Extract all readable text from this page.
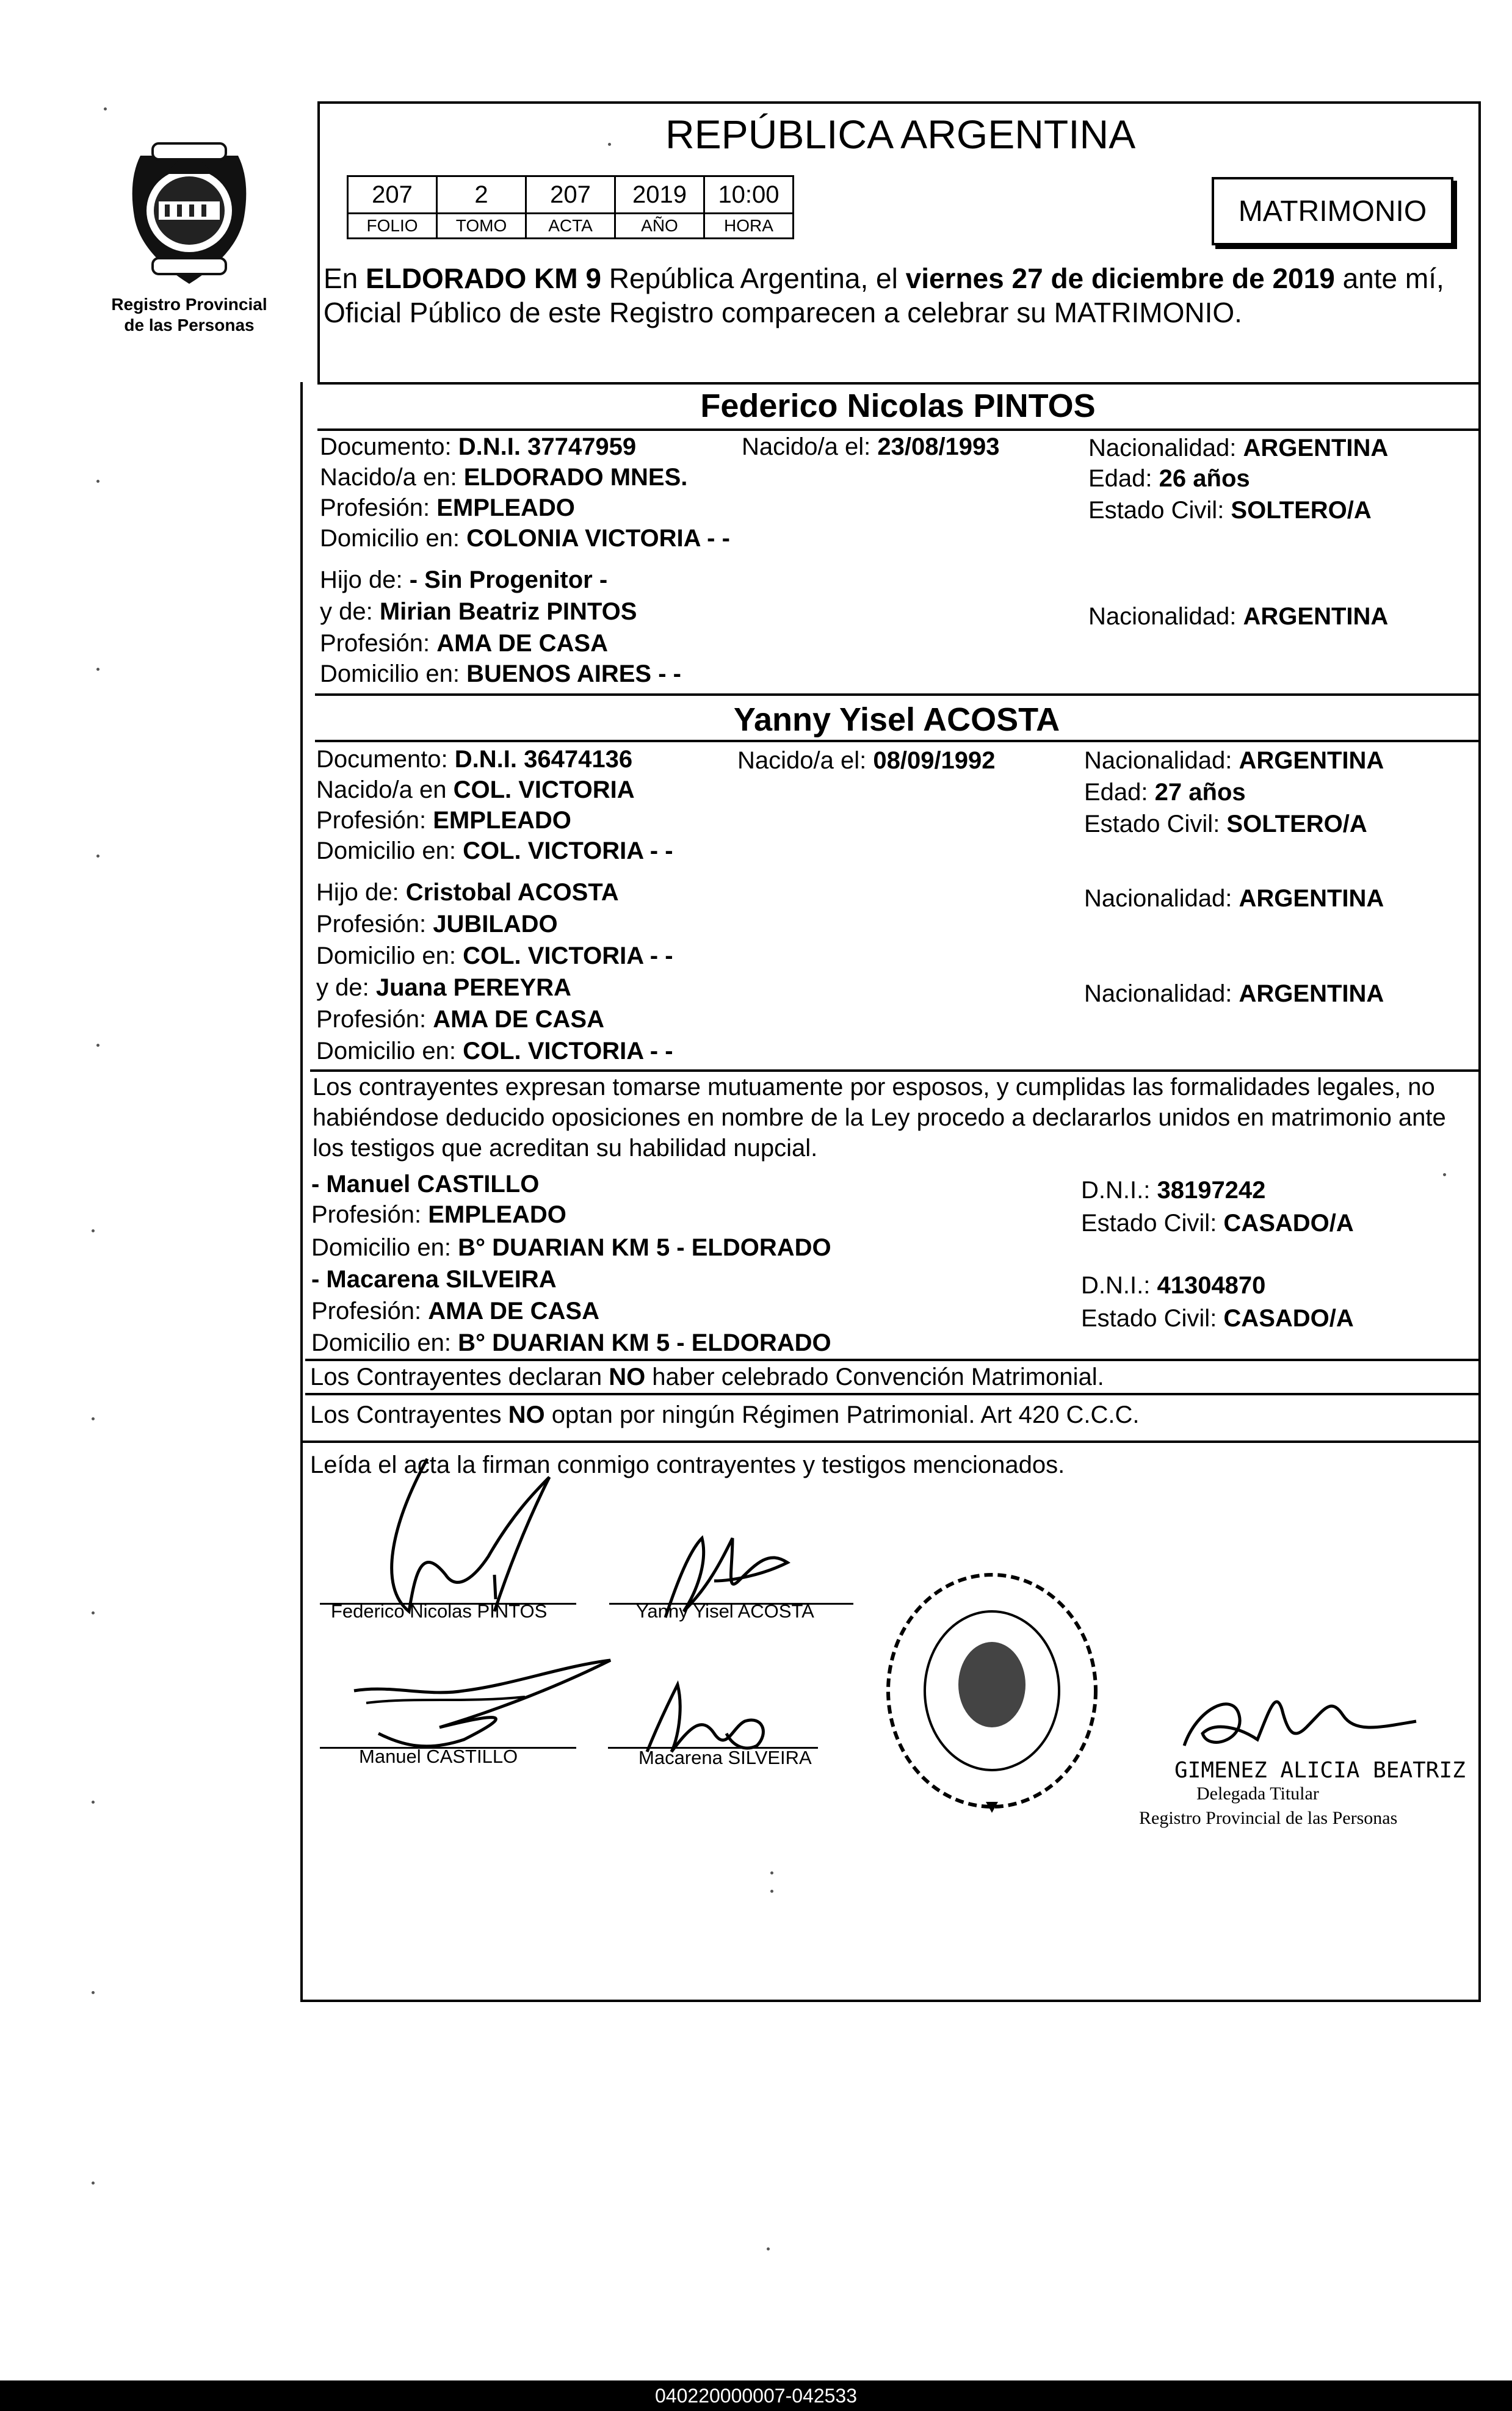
Registro Provincial
de las Personas
REPÚBLICA ARGENTINA
207	2	207	2019	10:00
FOLIO	TOMO	ACTA	AÑO	HORA	MATRIMONIO
En ELDORADO KM 9 República Argentina, el viernes 27 de diciembre de 2019 ante mí,
Oficial Público de este Registro comparecen a celebrar su MATRIMONIO.
Federico Nicolas PINTOS
Documento: D.N.I. 37747959	Nacido/a el: 23/08/1993	Nacionalidad: ARGENTINA
Nacido/a en: ELDORADO MNES.	Edad: 26 años
Profesión: EMPLEADO	Estado Civil: SOLTERO/A
Domicilio en: COLONIA VICTORIA - -
Hijo de: - Sin Progenitor -
y de: Mirian Beatriz PINTOS	Nacionalidad: ARGENTINA
Profesión: AMA DE CASA
Domicilio en: BUENOS AIRES - -
Yanny Yisel ACOSTA
Documento: D.N.I. 36474136	Nacido/a el: 08/09/1992	Nacionalidad: ARGENTINA
Nacido/a en COL. VICTORIA	Edad: 27 años
Profesión: EMPLEADO	Estado Civil: SOLTERO/A
Domicilio en: COL. VICTORIA - -
Hijo de: Cristobal ACOSTA	Nacionalidad: ARGENTINA
Profesión: JUBILADO
Domicilio en: COL. VICTORIA - -
y de: Juana PEREYRA	Nacionalidad: ARGENTINA
Profesión: AMA DE CASA
Domicilio en: COL. VICTORIA - -
Los contrayentes expresan tomarse mutuamente por esposos, y cumplidas las formalidades legales, no
habiéndose deducido oposiciones en nombre de la Ley procedo a declararlos unidos en matrimonio ante
los testigos que acreditan su habilidad nupcial.
- Manuel CASTILLO
Profesión: EMPLEADO
Domicilio en: B° DUARIAN KM 5 - ELDORADO
D.N.I.: 38197242
Estado Civil: CASADO/A
- Macarena SILVEIRA
Profesión: AMA DE CASA
Domicilio en: B° DUARIAN KM 5 - ELDORADO
D.N.I.: 41304870
Estado Civil: CASADO/A
Los Contrayentes declaran NO haber celebrado Convención Matrimonial.
Los Contrayentes NO optan por ningún Régimen Patrimonial. Art 420 C.C.C.
Leída el acta la firman conmigo contrayentes y testigos mencionados.
Federico Nicolas PINTOS	Yanny Yisel ACOSTA
Manuel CASTILLO	Macarena SILVEIRA
GIMENEZ ALICIA BEATRIZ
Delegada Titular
Registro Provincial de las Personas
040220000007-042533
